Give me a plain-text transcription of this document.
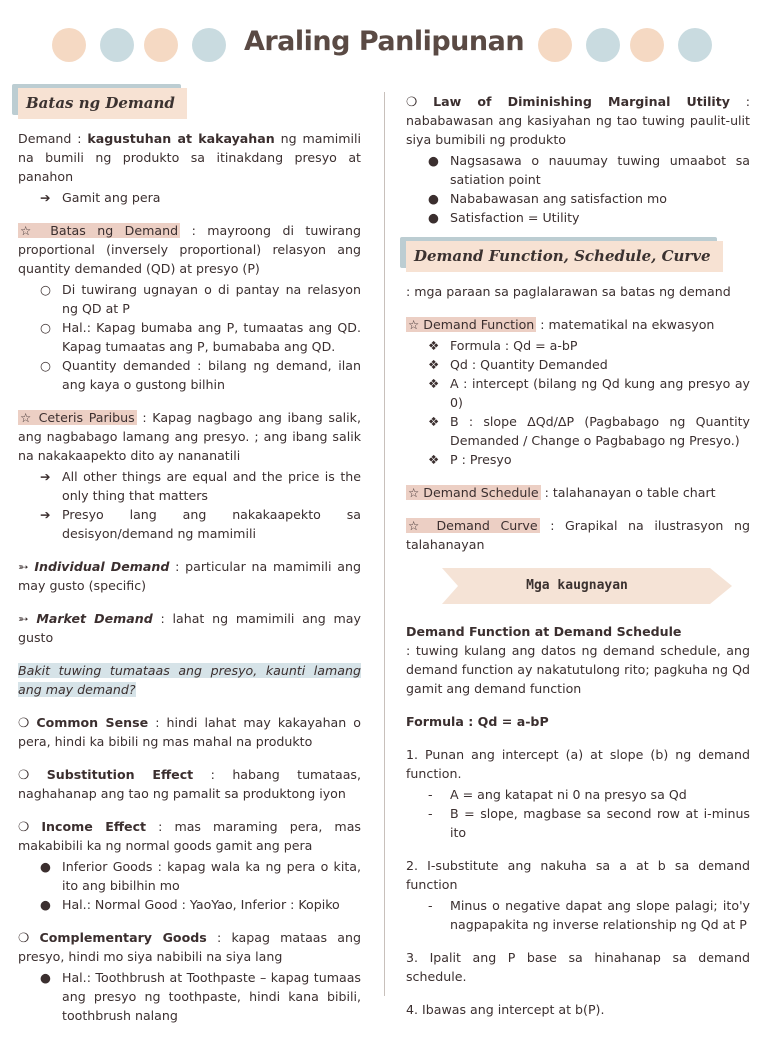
Araling Panlipunan
Batas ng Demand

Demand : kagustuhan at kakayahan ng mamimili na bumili ng produkto sa itinakdang presyo at panahon

➔ Gamit ang pera

☆ Batas ng Demand : mayroong di tuwirang proportional (inversely proportional) relasyon ang quantity demanded (QD) at presyo (P)

○ Di tuwirang ugnayan o di pantay na relasyon ng QD at P
○ Hal.: Kapag bumaba ang P, tumaatas ang QD. Kapag tumaatas ang P, bumababa ang QD.
○ Quantity demanded : bilang ng demand, ilan ang kaya o gustong bilhin

☆ Ceteris Paribus : Kapag nagbago ang ibang salik, ang nagbabago lamang ang presyo. ; ang ibang salik na nakakaapekto dito ay nananatili

➔ All other things are equal and the price is the only thing that matters
➔ Presyo lang ang nakakaapekto sa desisyon/demand ng mamimili

➳ Individual Demand : particular na mamimili ang may gusto (specific)

➳ Market Demand : lahat ng mamimili ang may gusto

Bakit tuwing tumataas ang presyo, kaunti lamang ang may demand?

❍ Common Sense : hindi lahat may kakayahan o pera, hindi ka bibili ng mas mahal na produkto

❍ Substitution Effect : habang tumataas, naghahanap ang tao ng pamalit sa produktong iyon

❍ Income Effect : mas maraming pera, mas makabibili ka ng normal goods gamit ang pera

● Inferior Goods : kapag wala ka ng pera o kita, ito ang bibilhin mo
● Hal.: Normal Good : YaoYao, Inferior : Kopiko

❍ Complementary Goods : kapag mataas ang presyo, hindi mo siya nabibili na siya lang

● Hal.: Toothbrush at Toothpaste – kapag tumaas ang presyo ng toothpaste, hindi kana bibili, toothbrush nalang

❍ Law of Diminishing Marginal Utility : nababawasan ang kasiyahan ng tao tuwing paulit-ulit siya bumibili ng produkto

● Nagsasawa o nauumay tuwing umaabot sa satiation point
● Nababawasan ang satisfaction mo
● Satisfaction = Utility
Demand Function, Schedule, Curve

: mga paraan sa paglalarawan sa batas ng demand

☆ Demand Function : matematikal na ekwasyon

❖ Formula : Qd = a-bP
❖ Qd : Quantity Demanded
❖ A : intercept (bilang ng Qd kung ang presyo ay 0)
❖ B : slope ΔQd/ΔP (Pagbabago ng Quantity Demanded / Change o Pagbabago ng Presyo.)
❖ P : Presyo

☆ Demand Schedule : talahanayan o table chart

☆ Demand Curve : Grapikal na ilustrasyon ng talahanayan

Mga kaugnayan

Demand Function at Demand Schedule
: tuwing kulang ang datos ng demand schedule, ang demand function ay nakatutulong rito; pagkuha ng Qd gamit ang demand function

Formula : Qd = a-bP

1. Punan ang intercept (a) at slope (b) ng demand function.

- A = ang katapat ni 0 na presyo sa Qd
- B = slope, magbase sa second row at i-minus ito

2. I-substitute ang nakuha sa a at b sa demand function

- Minus o negative dapat ang slope palagi; ito'y nagpapakita ng inverse relationship ng Qd at P

3. Ipalit ang P base sa hinahanap sa demand schedule.

4. Ibawas ang intercept at b(P).
